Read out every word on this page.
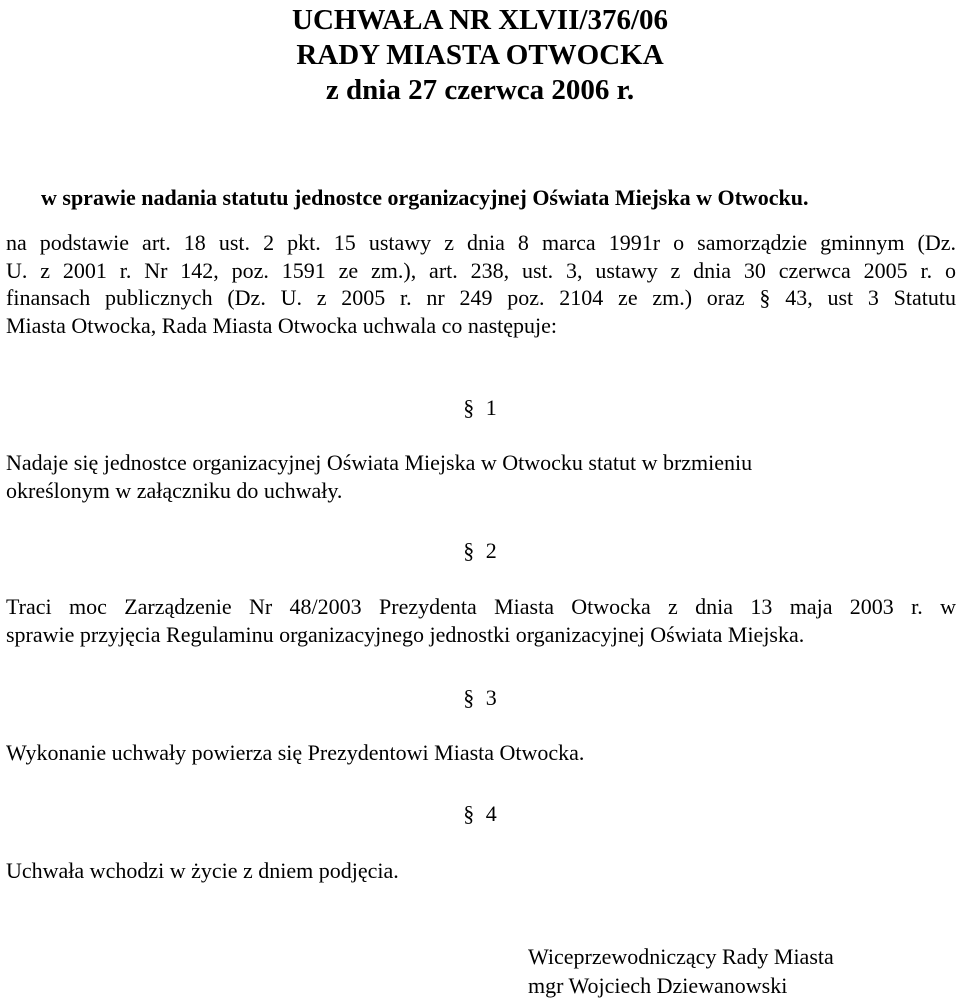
UCHWAŁA NR XLVII/376/06
RADY MIASTA OTWOCKA
z dnia 27 czerwca 2006 r.
w sprawie nadania statutu jednostce organizacyjnej Oświata Miejska w Otwocku.
na podstawie art. 18 ust. 2 pkt. 15 ustawy z dnia 8 marca 1991r o samorządzie gminnym (Dz.
U. z 2001 r. Nr 142, poz. 1591 ze zm.), art. 238, ust. 3, ustawy z dnia 30 czerwca 2005 r. o
finansach publicznych (Dz. U. z 2005 r. nr 249 poz. 2104 ze zm.) oraz § 43, ust 3 Statutu
Miasta Otwocka, Rada Miasta Otwocka uchwala co następuje:
§ 1
Nadaje się jednostce organizacyjnej Oświata Miejska w Otwocku statut w brzmieniu
określonym w załączniku do uchwały.
§ 2
Traci moc Zarządzenie Nr 48/2003 Prezydenta Miasta Otwocka z dnia 13 maja 2003 r. w
sprawie przyjęcia Regulaminu organizacyjnego jednostki organizacyjnej Oświata Miejska.
§ 3
Wykonanie uchwały powierza się Prezydentowi Miasta Otwocka.
§ 4
Uchwała wchodzi w życie z dniem podjęcia.
Wiceprzewodniczący Rady Miasta
mgr Wojciech Dziewanowski
